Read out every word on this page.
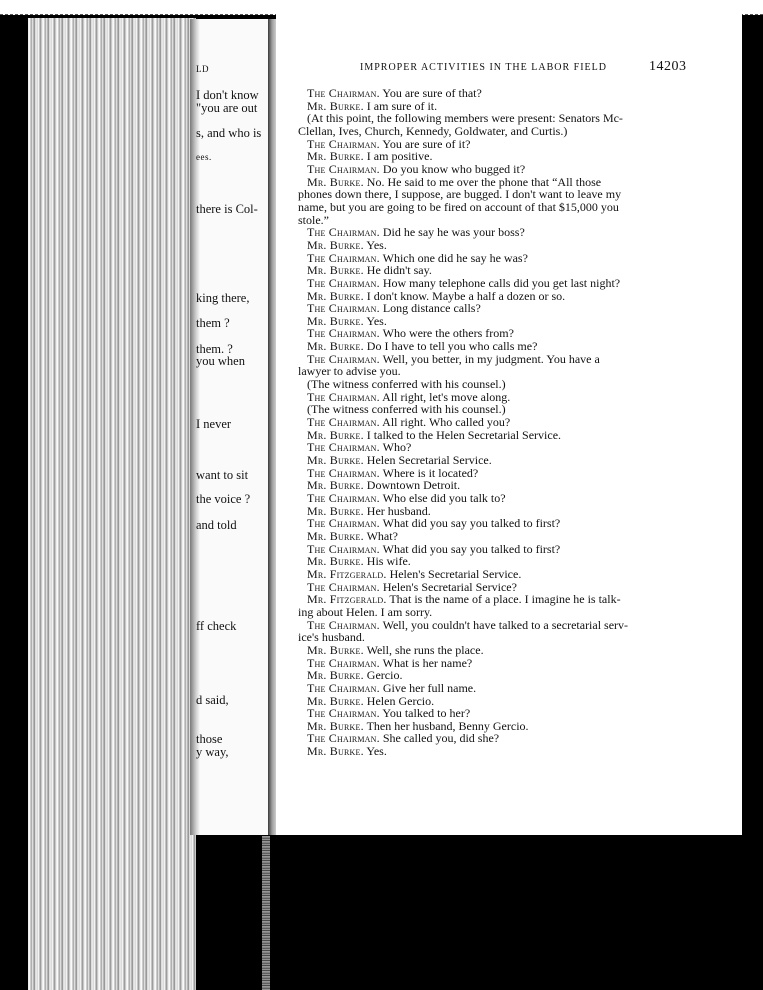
LD
I don't know
"you are out
s, and who is
ees.
there is Col-
king there,
them ?
them. ?
you when
I never
want to sit
the voice ?
and told
ff check
d said,
those
y way,
IMPROPER ACTIVITIES IN THE LABOR FIELD	14203
The Chairman. You are sure of that?
Mr. Burke. I am sure of it.
(At this point, the following members were present: Senators Mc-
Clellan, Ives, Church, Kennedy, Goldwater, and Curtis.)
The Chairman. You are sure of it?
Mr. Burke. I am positive.
The Chairman. Do you know who bugged it?
Mr. Burke. No. He said to me over the phone that “All those
phones down there, I suppose, are bugged. I don't want to leave my
name, but you are going to be fired on account of that $15,000 you
stole.”
The Chairman. Did he say he was your boss?
Mr. Burke. Yes.
The Chairman. Which one did he say he was?
Mr. Burke. He didn't say.
The Chairman. How many telephone calls did you get last night?
Mr. Burke. I don't know. Maybe a half a dozen or so.
The Chairman. Long distance calls?
Mr. Burke. Yes.
The Chairman. Who were the others from?
Mr. Burke. Do I have to tell you who calls me?
The Chairman. Well, you better, in my judgment. You have a
lawyer to advise you.
(The witness conferred with his counsel.)
The Chairman. All right, let's move along.
(The witness conferred with his counsel.)
The Chairman. All right. Who called you?
Mr. Burke. I talked to the Helen Secretarial Service.
The Chairman. Who?
Mr. Burke. Helen Secretarial Service.
The Chairman. Where is it located?
Mr. Burke. Downtown Detroit.
The Chairman. Who else did you talk to?
Mr. Burke. Her husband.
The Chairman. What did you say you talked to first?
Mr. Burke. What?
The Chairman. What did you say you talked to first?
Mr. Burke. His wife.
Mr. Fitzgerald. Helen's Secretarial Service.
The Chairman. Helen's Secretarial Service?
Mr. Fitzgerald. That is the name of a place. I imagine he is talk-
ing about Helen. I am sorry.
The Chairman. Well, you couldn't have talked to a secretarial serv-
ice's husband.
Mr. Burke. Well, she runs the place.
The Chairman. What is her name?
Mr. Burke. Gercio.
The Chairman. Give her full name.
Mr. Burke. Helen Gercio.
The Chairman. You talked to her?
Mr. Burke. Then her husband, Benny Gercio.
The Chairman. She called you, did she?
Mr. Burke. Yes.
